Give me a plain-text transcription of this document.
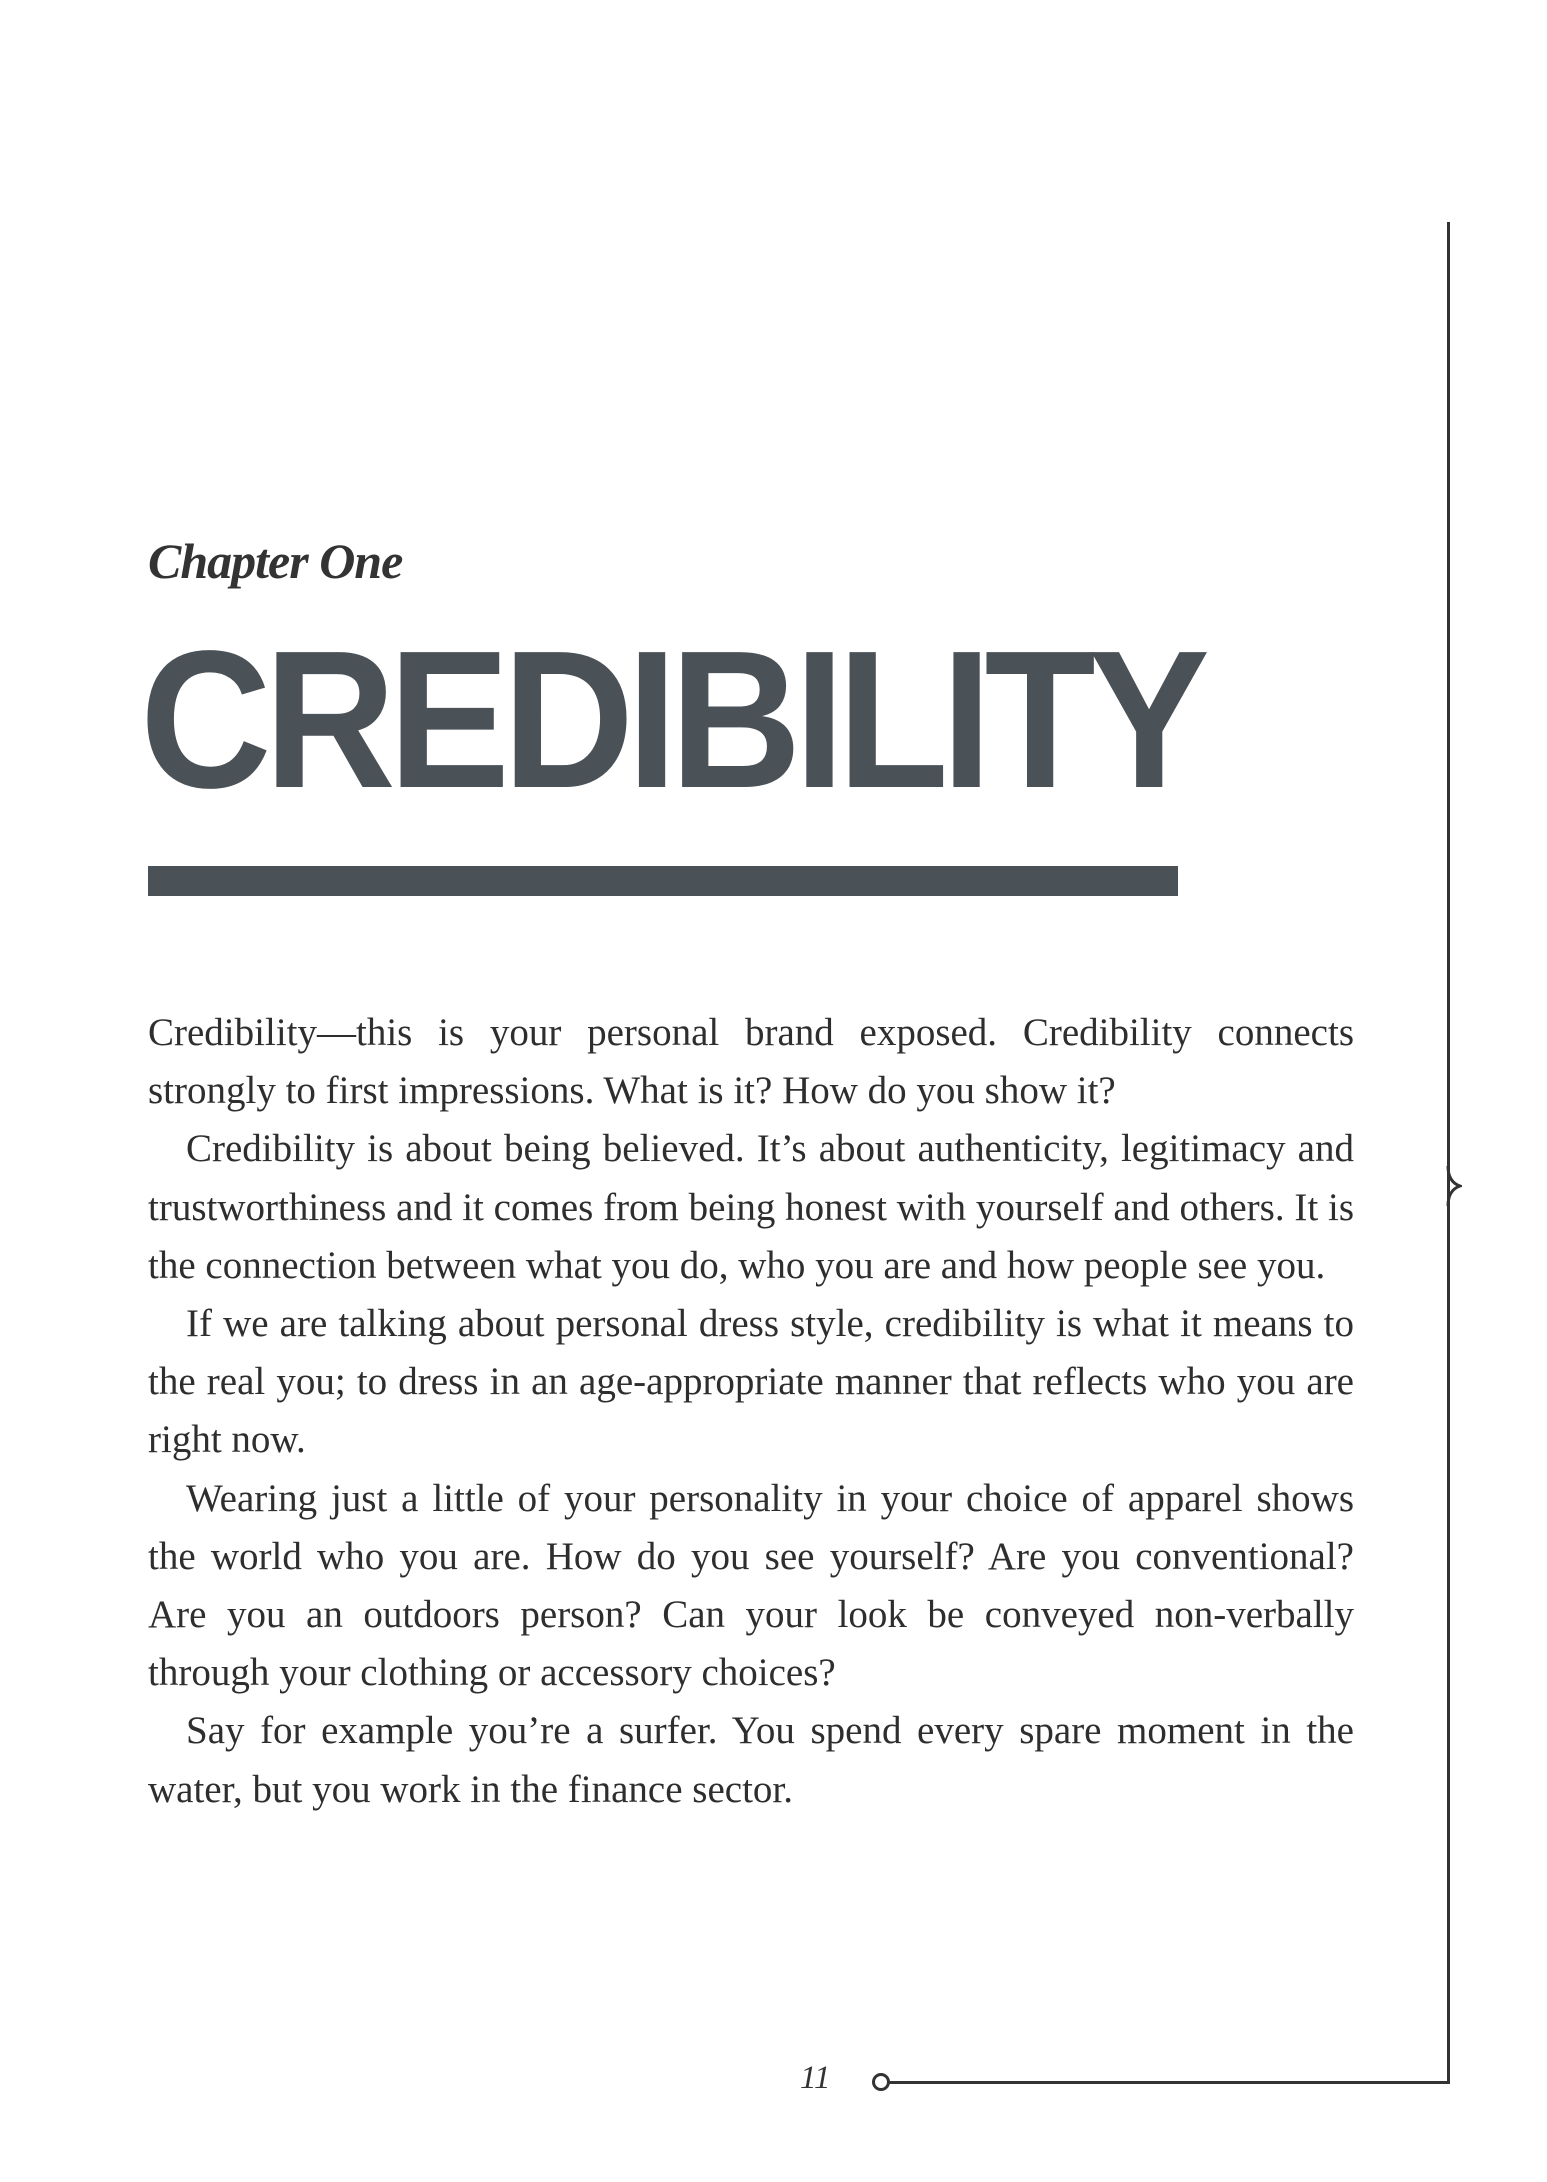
Chapter One
CREDIBILITY

Credibility—this is your personal brand exposed. Credibility connects strongly to first impressions. What is it? How do you show it?

Credibility is about being believed. It’s about authenticity, legitimacy and trustworthiness and it comes from being honest with yourself and others. It is the connection between what you do, who you are and how people see you.

If we are talking about personal dress style, credibility is what it means to the real you; to dress in an age-appropriate manner that reflects who you are right now.

Wearing just a little of your personality in your choice of apparel shows the world who you are. How do you see yourself? Are you conventional? Are you an outdoors person? Can your look be conveyed non-verbally through your clothing or accessory choices?

Say for example you’re a surfer. You spend every spare moment in the water, but you work in the finance sector.

11
